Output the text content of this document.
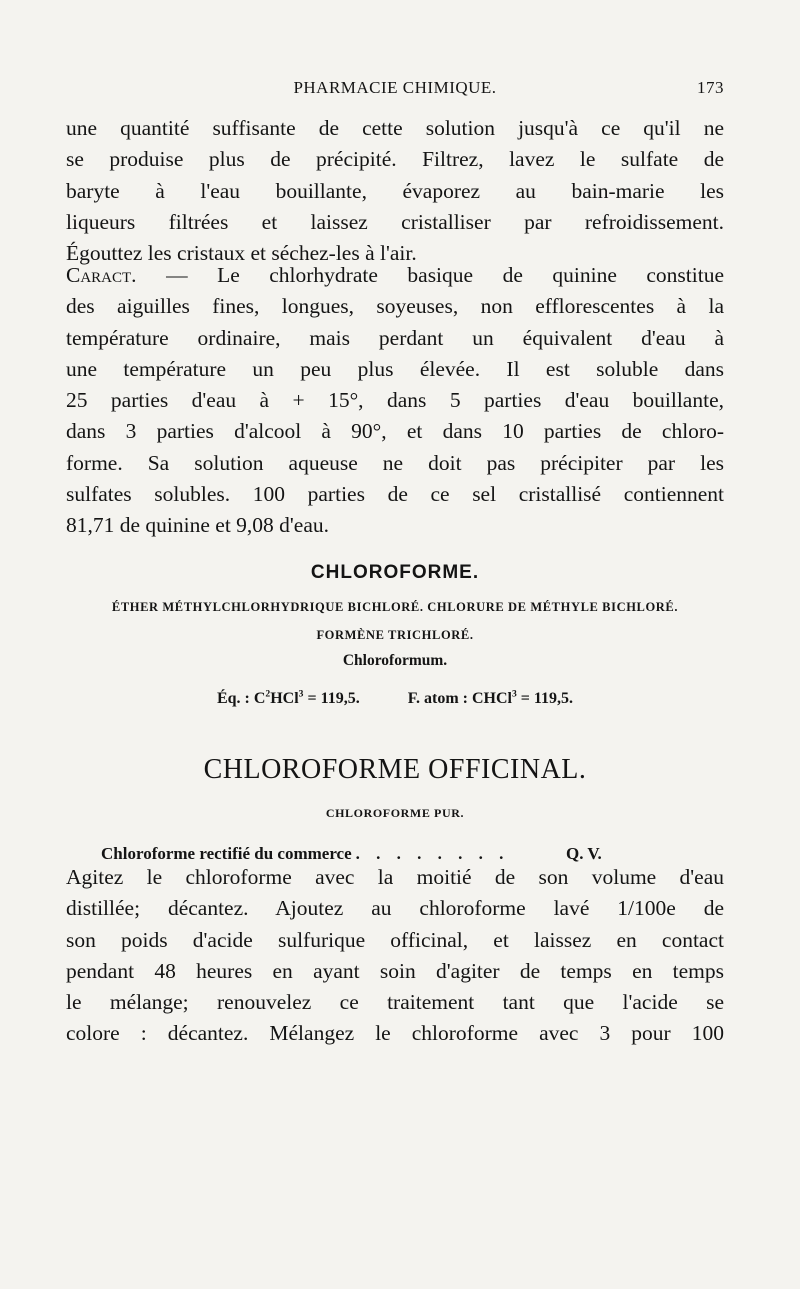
PHARMACIE CHIMIQUE.	173
une quantité suffisante de cette solution jusqu'à ce qu'il ne
se produise plus de précipité. Filtrez, lavez le sulfate de
baryte à l'eau bouillante, évaporez au bain-marie les
liqueurs filtrées et laissez cristalliser par refroidissement.
Égouttez les cristaux et séchez-les à l'air.
Caract. — Le chlorhydrate basique de quinine constitue
des aiguilles fines, longues, soyeuses, non efflorescentes à la
température ordinaire, mais perdant un équivalent d'eau à
une température un peu plus élevée. Il est soluble dans
25 parties d'eau à + 15°, dans 5 parties d'eau bouillante,
dans 3 parties d'alcool à 90°, et dans 10 parties de chloro-
forme. Sa solution aqueuse ne doit pas précipiter par les
sulfates solubles. 100 parties de ce sel cristallisé contiennent
81,71 de quinine et 9,08 d'eau.

CHLOROFORME.

ÉTHER MÉTHYLCHLORHYDRIQUE BICHLORÉ. CHLORURE DE MÉTHYLE BICHLORÉ.

FORMÈNE TRICHLORÉ.

Chloroformum.

Éq. : $C^2HCl^3 = 119,5$.	F. atom : CHCl$^3$ = 119,5.

CHLOROFORME OFFICINAL.

CHLOROFORME PUR.

Chloroforme rectifié du commerce . . . . . . . .	Q. V.
Agitez le chloroforme avec la moitié de son volume d'eau
distillée; décantez. Ajoutez au chloroforme lavé 1/100e de
son poids d'acide sulfurique officinal, et laissez en contact
pendant 48 heures en ayant soin d'agiter de temps en temps
le mélange; renouvelez ce traitement tant que l'acide se
colore : décantez. Mélangez le chloroforme avec 3 pour 100
